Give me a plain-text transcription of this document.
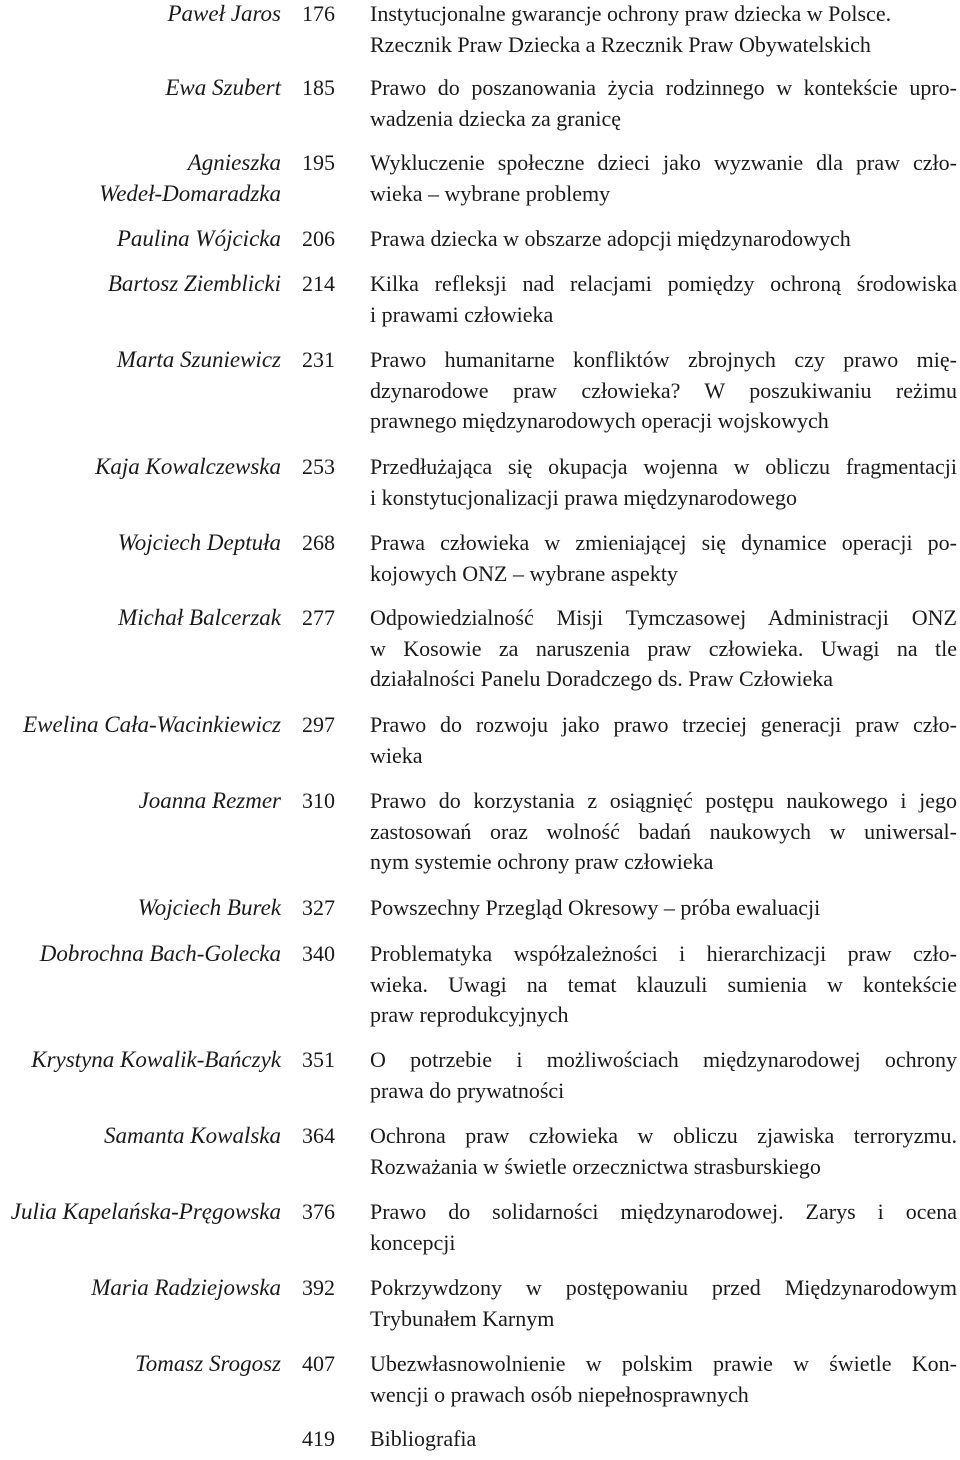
Paweł Jaros 176	Instytucjonalne gwarancje ochrony praw dziecka w Polsce.
Rzecznik Praw Dziecka a Rzecznik Praw Obywatelskich
Ewa Szubert 185	Prawo do poszanowania życia rodzinnego w kontekście upro-
wadzenia dziecka za granicę
Agnieszka
Wedeł-Domaradzka
195	Wykluczenie społeczne dzieci jako wyzwanie dla praw czło-
wieka – wybrane problemy
Paulina Wójcicka 206	Prawa dziecka w obszarze adopcji międzynarodowych
Bartosz Ziemblicki 214	Kilka refleksji nad relacjami pomiędzy ochroną środowiska
i prawami człowieka
Marta Szuniewicz 231	Prawo humanitarne konfliktów zbrojnych czy prawo mię-
dzynarodowe praw człowieka? W poszukiwaniu reżimu
prawnego międzynarodowych operacji wojskowych
Kaja Kowalczewska 253	Przedłużająca się okupacja wojenna w obliczu fragmentacji
i konstytucjonalizacji prawa międzynarodowego
Wojciech Deptuła 268	Prawa człowieka w zmieniającej się dynamice operacji po-
kojowych ONZ – wybrane aspekty
Michał Balcerzak 277	Odpowiedzialność Misji Tymczasowej Administracji ONZ
w Kosowie za naruszenia praw człowieka. Uwagi na tle
działalności Panelu Doradczego ds. Praw Człowieka
Ewelina Cała-Wacinkiewicz 297	Prawo do rozwoju jako prawo trzeciej generacji praw czło-
wieka
Joanna Rezmer 310	Prawo do korzystania z osiągnięć postępu naukowego i jego
zastosowań oraz wolność badań naukowych w uniwersal-
nym systemie ochrony praw człowieka
Wojciech Burek 327	Powszechny Przegląd Okresowy – próba ewaluacji
Dobrochna Bach-Golecka 340	Problematyka współzależności i hierarchizacji praw czło-
wieka. Uwagi na temat klauzuli sumienia w kontekście
praw reprodukcyjnych
Krystyna Kowalik-Bańczyk 351	O potrzebie i możliwościach międzynarodowej ochrony
prawa do prywatności
Samanta Kowalska 364	Ochrona praw człowieka w obliczu zjawiska terroryzmu.
Rozważania w świetle orzecznictwa strasburskiego
Julia Kapelańska-Pręgowska 376	Prawo do solidarności międzynarodowej. Zarys i ocena
koncepcji
Maria Radziejowska 392	Pokrzywdzony w postępowaniu przed Międzynarodowym
Trybunałem Karnym
Tomasz Srogosz 407	Ubezwłasnowolnienie w polskim prawie w świetle Kon-
wencji o prawach osób niepełnosprawnych
419	Bibliografia
